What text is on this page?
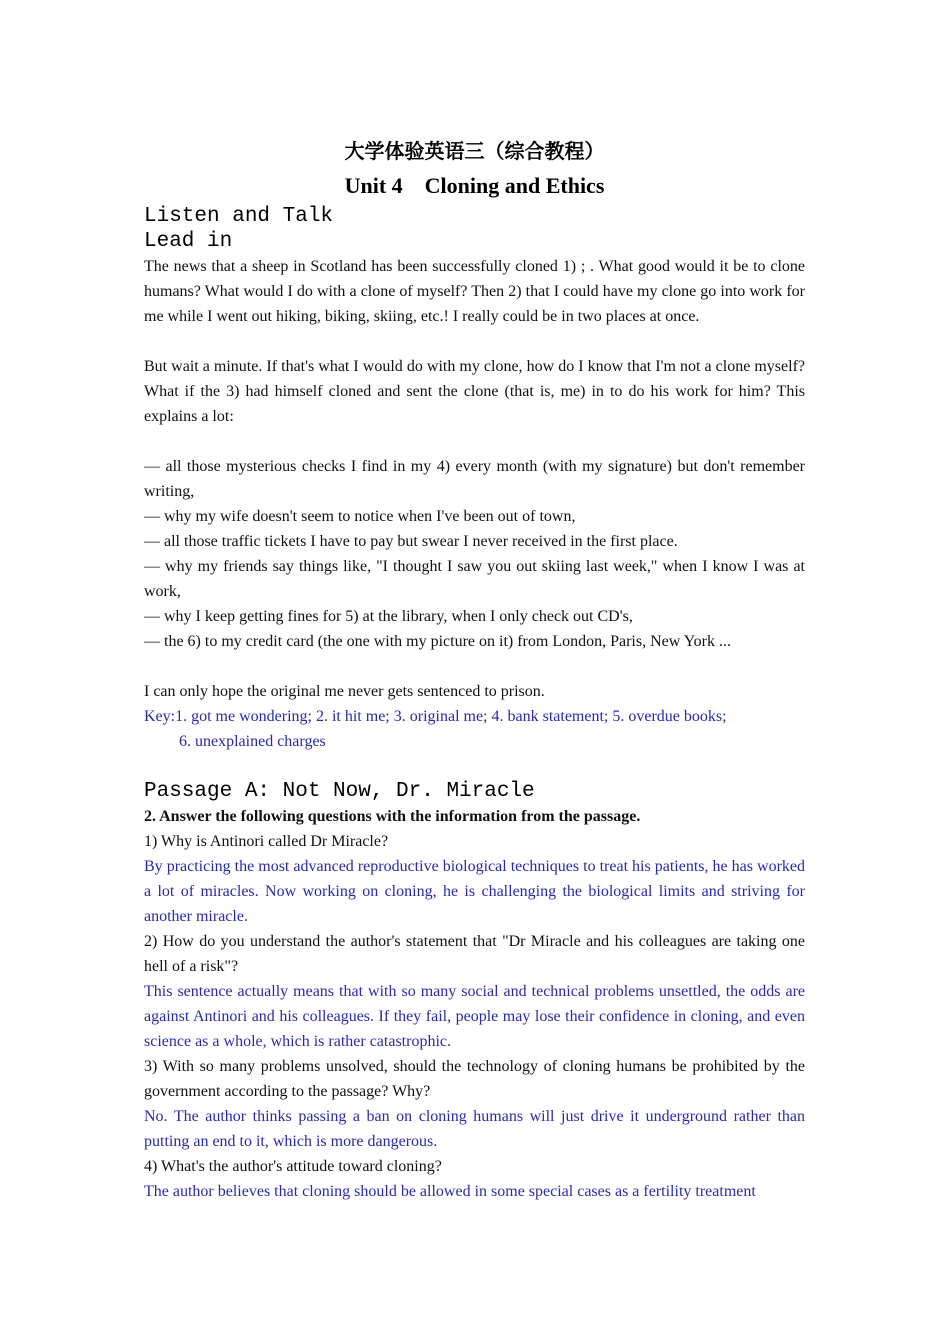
大学体验英语三（综合教程）
Unit 4　Cloning and Ethics
Listen and Talk
Lead in

The news that a sheep in Scotland has been successfully cloned 1) ; . What good would it be to clone humans? What would I do with a clone of myself? Then 2) that I could have my clone go into work for me while I went out hiking, biking, skiing, etc.! I really could be in two places at once.

But wait a minute. If that's what I would do with my clone, how do I know that I'm not a clone myself? What if the 3) had himself cloned and sent the clone (that is, me) in to do his work for him? This explains a lot:

— all those mysterious checks I find in my 4) every month (with my signature) but don't remember writing,

— why my wife doesn't seem to notice when I've been out of town,

— all those traffic tickets I have to pay but swear I never received in the first place.

— why my friends say things like, "I thought I saw you out skiing last week," when I know I was at work,

— why I keep getting fines for 5) at the library, when I only check out CD's,

— the 6) to my credit card (the one with my picture on it) from London, Paris, New York ...

I can only hope the original me never gets sentenced to prison.

Key:1. got me wondering; 2. it hit me; 3. original me; 4. bank statement; 5. overdue books;

6. unexplained charges

Passage A: Not Now, Dr. Miracle

2. Answer the following questions with the information from the passage.

1) Why is Antinori called Dr Miracle?

By practicing the most advanced reproductive biological techniques to treat his patients, he has worked a lot of miracles. Now working on cloning, he is challenging the biological limits and striving for another miracle.

2) How do you understand the author's statement that "Dr Miracle and his colleagues are taking one hell of a risk"?

This sentence actually means that with so many social and technical problems unsettled, the odds are against Antinori and his colleagues. If they fail, people may lose their confidence in cloning, and even science as a whole, which is rather catastrophic.

3) With so many problems unsolved, should the technology of cloning humans be prohibited by the government according to the passage? Why?

No. The author thinks passing a ban on cloning humans will just drive it underground rather than putting an end to it, which is more dangerous.

4) What's the author's attitude toward cloning?

The author believes that cloning should be allowed in some special cases as a fertility treatment
